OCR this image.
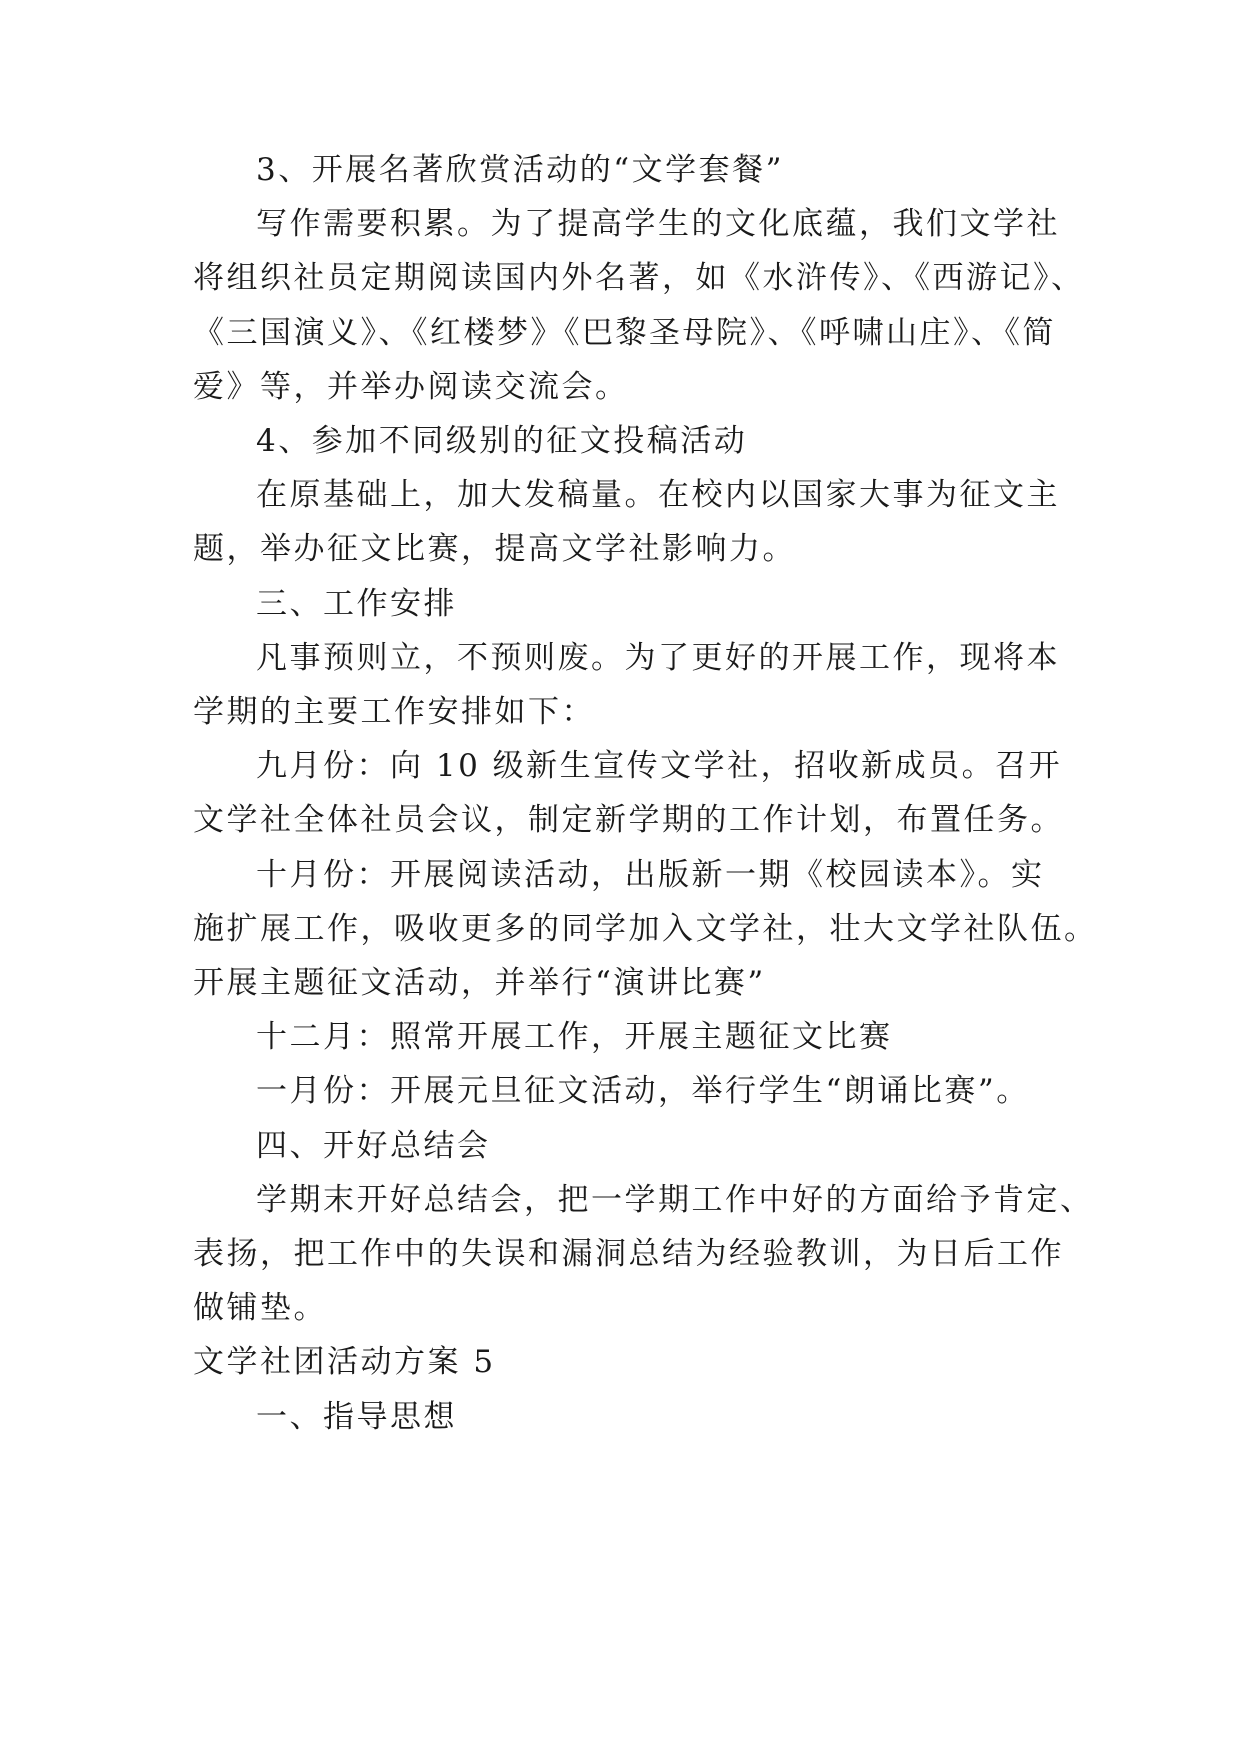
3、开展名著欣赏活动的“文学套餐”
写作需要积累。为了提高学生的文化底蕴，我们文学社
将组织社员定期阅读国内外名著，如《水浒传》、《西游记》、
《三国演义》、《红楼梦》《巴黎圣母院》、《呼啸山庄》、《简
爱》等，并举办阅读交流会。
4、参加不同级别的征文投稿活动
在原基础上，加大发稿量。在校内以国家大事为征文主
题，举办征文比赛，提高文学社影响力。
三、工作安排
凡事预则立，不预则废。为了更好的开展工作，现将本
学期的主要工作安排如下：
九月份：向 10 级新生宣传文学社，招收新成员。召开
文学社全体社员会议，制定新学期的工作计划，布置任务。
十月份：开展阅读活动，出版新一期《校园读本》。实
施扩展工作，吸收更多的同学加入文学社，壮大文学社队伍。
开展主题征文活动，并举行“演讲比赛”
十二月：照常开展工作，开展主题征文比赛
一月份：开展元旦征文活动，举行学生“朗诵比赛”。
四、开好总结会
学期末开好总结会，把一学期工作中好的方面给予肯定、
表扬，把工作中的失误和漏洞总结为经验教训，为日后工作
做铺垫。
文学社团活动方案 5
一、指导思想
